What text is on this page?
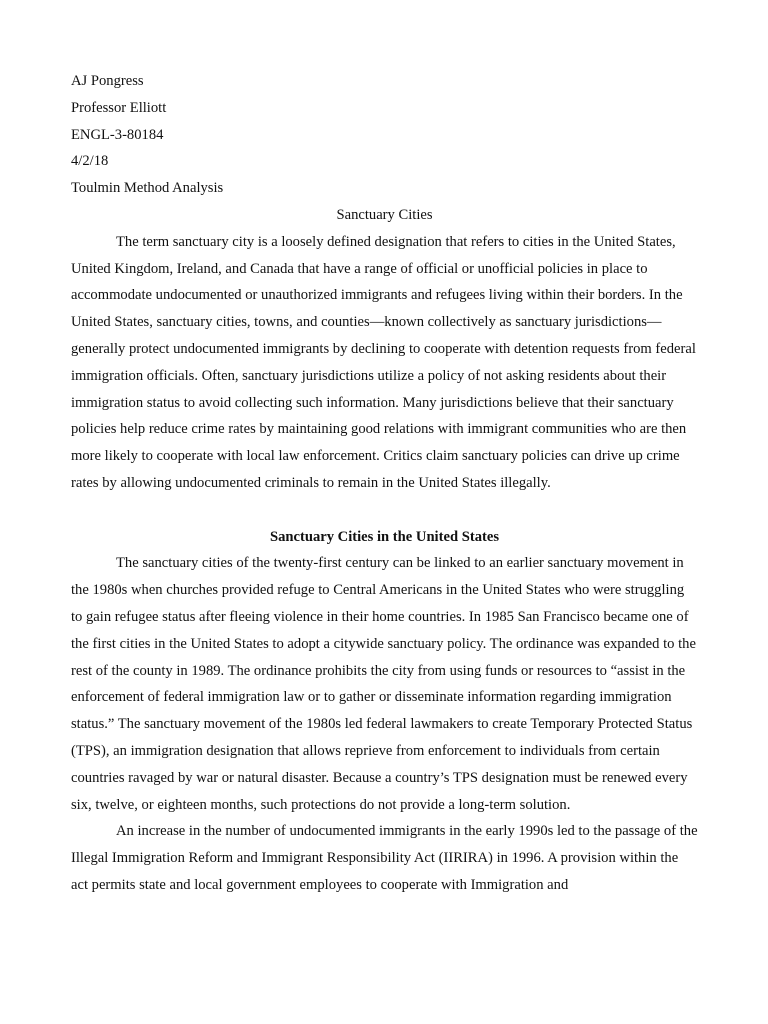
AJ Pongress
Professor Elliott
ENGL-3-80184
4/2/18
Toulmin Method Analysis
Sanctuary Cities

The term sanctuary city is a loosely defined designation that refers to cities in the United States, United Kingdom, Ireland, and Canada that have a range of official or unofficial policies in place to accommodate undocumented or unauthorized immigrants and refugees living within their borders. In the United States, sanctuary cities, towns, and counties—known collectively as sanctuary jurisdictions—generally protect undocumented immigrants by declining to cooperate with detention requests from federal immigration officials. Often, sanctuary jurisdictions utilize a policy of not asking residents about their immigration status to avoid collecting such information. Many jurisdictions believe that their sanctuary policies help reduce crime rates by maintaining good relations with immigrant communities who are then more likely to cooperate with local law enforcement. Critics claim sanctuary policies can drive up crime rates by allowing undocumented criminals to remain in the United States illegally.

Sanctuary Cities in the United States

The sanctuary cities of the twenty-first century can be linked to an earlier sanctuary movement in the 1980s when churches provided refuge to Central Americans in the United States who were struggling to gain refugee status after fleeing violence in their home countries. In 1985 San Francisco became one of the first cities in the United States to adopt a citywide sanctuary policy. The ordinance was expanded to the rest of the county in 1989. The ordinance prohibits the city from using funds or resources to “assist in the enforcement of federal immigration law or to gather or disseminate information regarding immigration status.” The sanctuary movement of the 1980s led federal lawmakers to create Temporary Protected Status (TPS), an immigration designation that allows reprieve from enforcement to individuals from certain countries ravaged by war or natural disaster. Because a country’s TPS designation must be renewed every six, twelve, or eighteen months, such protections do not provide a long-term solution.

An increase in the number of undocumented immigrants in the early 1990s led to the passage of the Illegal Immigration Reform and Immigrant Responsibility Act (IIRIRA) in 1996. A provision within the act permits state and local government employees to cooperate with Immigration and
